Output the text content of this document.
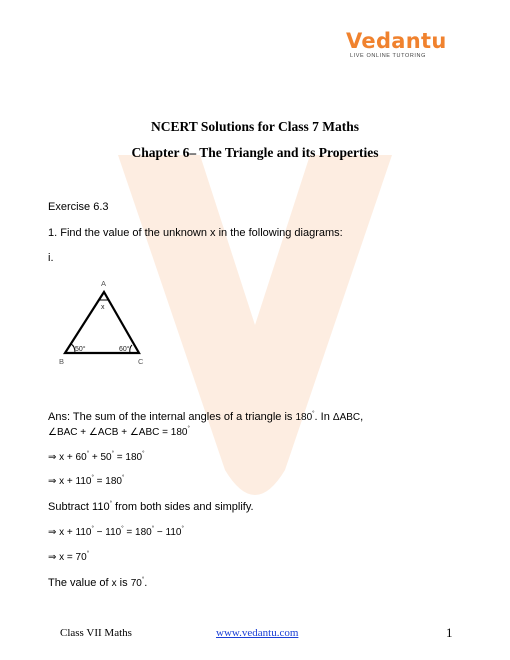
Vedantu
LIVE ONLINE TUTORING
NCERT Solutions for Class 7 Maths
Chapter 6– The Triangle and its Properties
Exercise 6.3
1. Find the value of the unknown x in the following diagrams:
i.
A
x
50°	60°
B	C
Ans: The sum of the internal angles of a triangle is 180°. In ΔABC,
∠BAC + ∠ACB + ∠ABC = 180°
⇒ x + 60° + 50° = 180°
⇒ x + 110° = 180°
Subtract 110° from both sides and simplify.
⇒ x + 110° − 110° = 180° − 110°
⇒ x = 70°
The value of x is 70°.
Class VII Maths	www.vedantu.com	1
